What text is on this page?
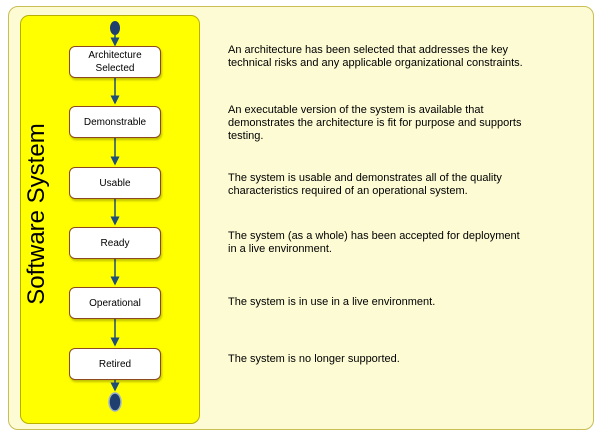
Software System
Architecture
Selected
Demonstrable
Usable
Ready
Operational
Retired
An architecture has been selected that addresses the key technical risks and any applicable organizational constraints.
An executable version of the system is available that demonstrates the architecture is fit for purpose and supports testing.
The system is usable and demonstrates all of the quality characteristics required of an operational system.
The system (as a whole) has been accepted for deployment in a live environment.
The system is in use in a live environment.
The system is no longer supported.
